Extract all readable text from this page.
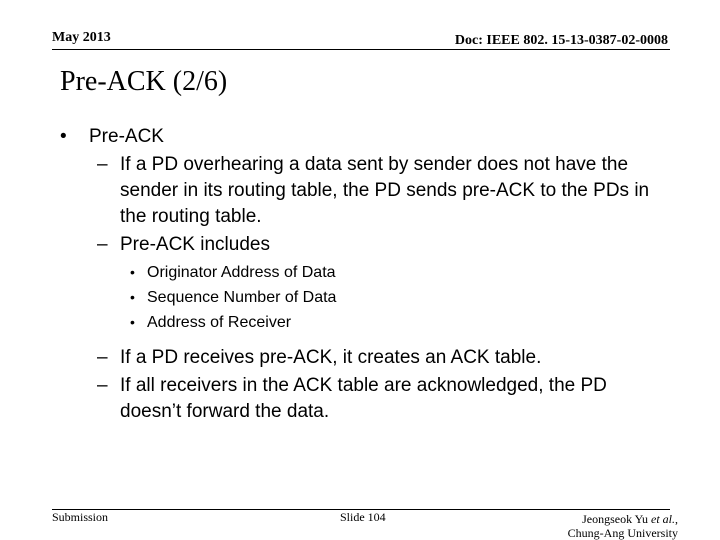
May 2013	Doc: IEEE 802. 15-13-0387-02-0008
Pre-ACK (2/6)
• Pre-ACK
– If a PD overhearing a data sent by sender does not have the sender in its routing table, the PD sends pre-ACK to the PDs in the routing table.
– Pre-ACK includes
• Originator Address of Data
• Sequence Number of Data
• Address of Receiver
– If a PD receives pre-ACK, it creates an ACK table.
– If all receivers in the ACK table are acknowledged, the PD doesn’t forward the data.
Submission	Slide 104	Jeongseok Yu et al.,
Chung-Ang University
